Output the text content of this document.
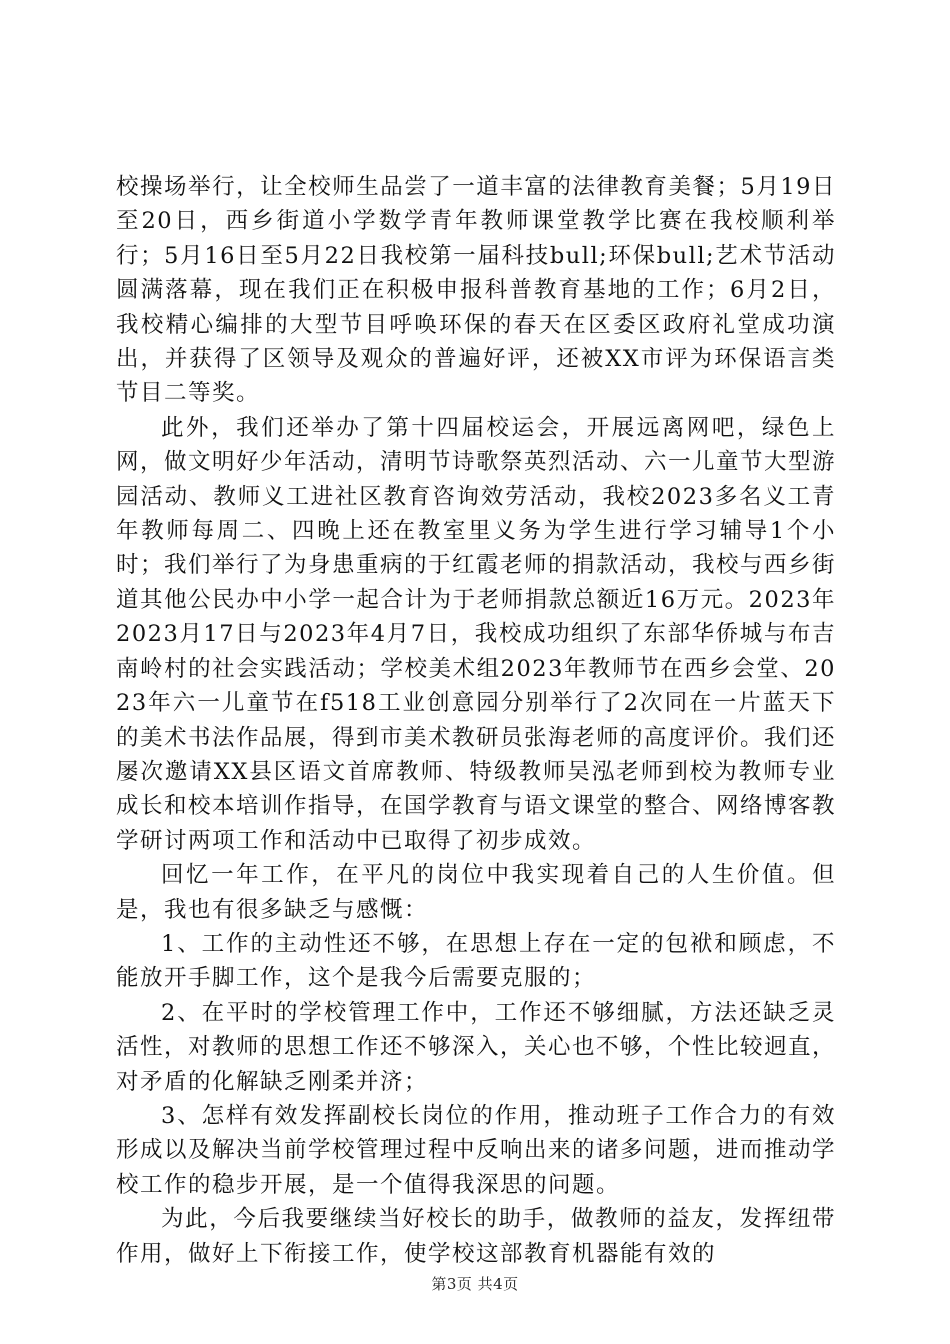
校操场举行，让全校师生品尝了一道丰富的法律教育美餐；5月19日至20日，西乡街道小学数学青年教师课堂教学比赛在我校顺利举行；5月16日至5月22日我校第一届科技bull;环保bull;艺术节活动圆满落幕，现在我们正在积极申报科普教育基地的工作；6月2日，我校精心编排的大型节目呼唤环保的春天在区委区政府礼堂成功演出，并获得了区领导及观众的普遍好评，还被XX市评为环保语言类节目二等奖。

此外，我们还举办了第十四届校运会，开展远离网吧，绿色上网，做文明好少年活动，清明节诗歌祭英烈活动、六一儿童节大型游园活动、教师义工进社区教育咨询效劳活动，我校2023多名义工青年教师每周二、四晚上还在教室里义务为学生进行学习辅导1个小时；我们举行了为身患重病的于红霞老师的捐款活动，我校与西乡街道其他公民办中小学一起合计为于老师捐款总额近16万元。2023年2023月17日与2023年4月7日，我校成功组织了东部华侨城与布吉南岭村的社会实践活动；学校美术组2023年教师节在西乡会堂、2023年六一儿童节在f518工业创意园分别举行了2次同在一片蓝天下的美术书法作品展，得到市美术教研员张海老师的高度评价。我们还屡次邀请XX县区语文首席教师、特级教师吴泓老师到校为教师专业成长和校本培训作指导，在国学教育与语文课堂的整合、网络博客教学研讨两项工作和活动中已取得了初步成效。

回忆一年工作，在平凡的岗位中我实现着自己的人生价值。但是，我也有很多缺乏与感慨：

1、工作的主动性还不够，在思想上存在一定的包袱和顾虑，不能放开手脚工作，这个是我今后需要克服的；

2、在平时的学校管理工作中，工作还不够细腻，方法还缺乏灵活性，对教师的思想工作还不够深入，关心也不够，个性比较迥直，对矛盾的化解缺乏刚柔并济；

3、怎样有效发挥副校长岗位的作用，推动班子工作合力的有效形成以及解决当前学校管理过程中反响出来的诸多问题，进而推动学校工作的稳步开展，是一个值得我深思的问题。

为此，今后我要继续当好校长的助手，做教师的益友，发挥纽带作用，做好上下衔接工作，使学校这部教育机器能有效的

第3页 共4页
